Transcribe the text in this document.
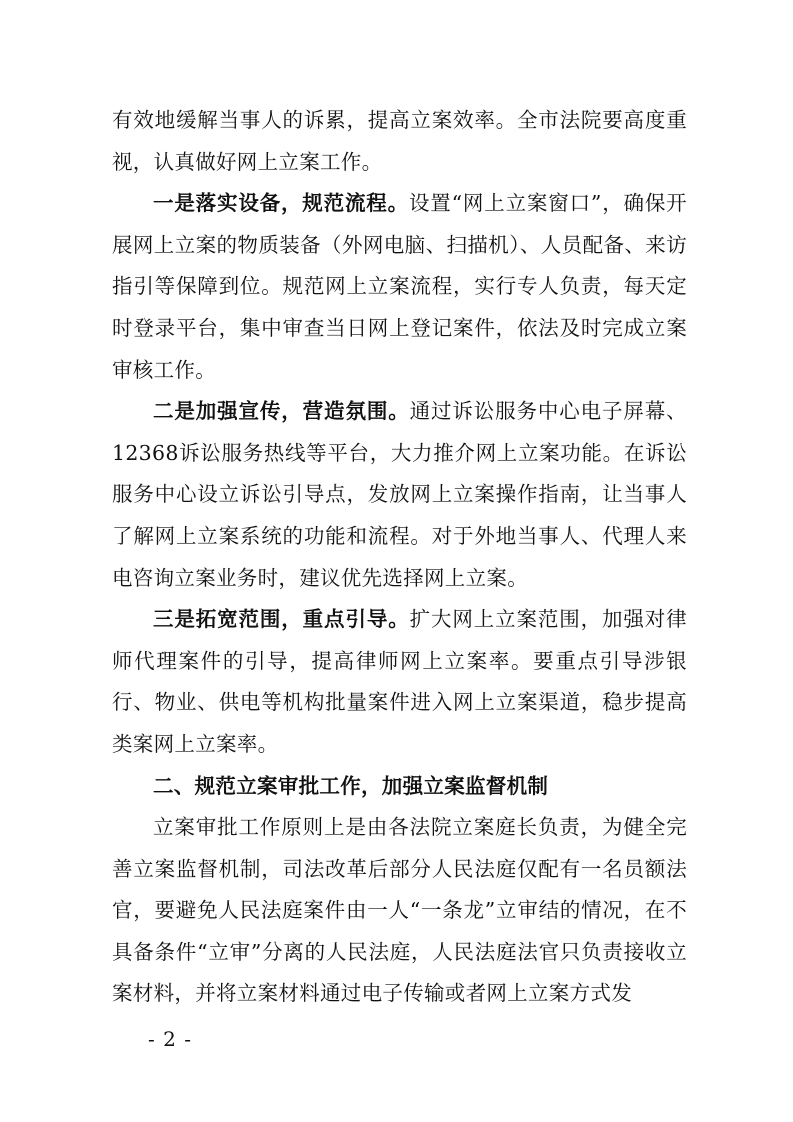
有效地缓解当事人的诉累，提高立案效率。全市法院要高度重视，认真做好网上立案工作。

一是落实设备，规范流程。设置“网上立案窗口”，确保开展网上立案的物质装备（外网电脑、扫描机）、人员配备、来访指引等保障到位。规范网上立案流程，实行专人负责，每天定时登录平台，集中审查当日网上登记案件，依法及时完成立案审核工作。

二是加强宣传，营造氛围。通过诉讼服务中心电子屏幕、12368诉讼服务热线等平台，大力推介网上立案功能。在诉讼服务中心设立诉讼引导点，发放网上立案操作指南，让当事人了解网上立案系统的功能和流程。对于外地当事人、代理人来电咨询立案业务时，建议优先选择网上立案。

三是拓宽范围，重点引导。扩大网上立案范围，加强对律师代理案件的引导，提高律师网上立案率。要重点引导涉银行、物业、供电等机构批量案件进入网上立案渠道，稳步提高类案网上立案率。

二、规范立案审批工作，加强立案监督机制

立案审批工作原则上是由各法院立案庭长负责，为健全完善立案监督机制，司法改革后部分人民法庭仅配有一名员额法官，要避免人民法庭案件由一人“一条龙”立审结的情况，在不具备条件“立审”分离的人民法庭，人民法庭法官只负责接收立案材料，并将立案材料通过电子传输或者网上立案方式发

- 2 -
